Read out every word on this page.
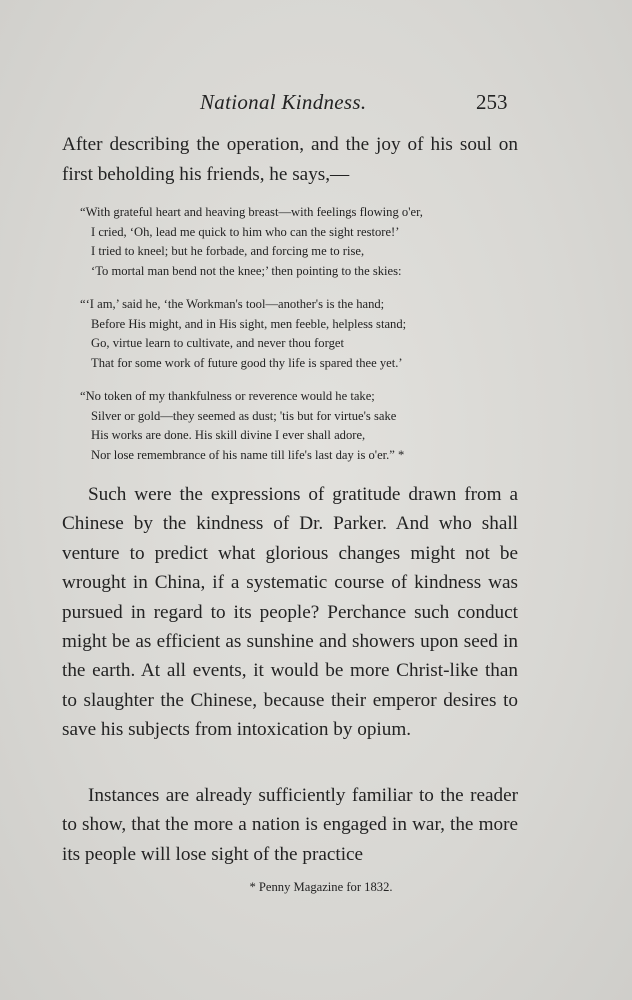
National Kindness.	253

After describing the operation, and the joy of his soul on first beholding his friends, he says,—

“With grateful heart and heaving breast—with feelings flowing o'er,
I cried, ‘Oh, lead me quick to him who can the sight restore!’
I tried to kneel; but he forbade, and forcing me to rise,
‘To mortal man bend not the knee;’ then pointing to the skies:
“‘I am,’ said he, ‘the Workman's tool—another's is the hand;
Before His might, and in His sight, men feeble, helpless stand;
Go, virtue learn to cultivate, and never thou forget
That for some work of future good thy life is spared thee yet.’
“No token of my thankfulness or reverence would he take;
Silver or gold—they seemed as dust; 'tis but for virtue's sake
His works are done. His skill divine I ever shall adore,
Nor lose remembrance of his name till life's last day is o'er.” *

Such were the expressions of gratitude drawn from a Chinese by the kindness of Dr. Parker. And who shall venture to predict what glorious changes might not be wrought in China, if a systematic course of kindness was pursued in regard to its people? Perchance such conduct might be as efficient as sunshine and showers upon seed in the earth. At all events, it would be more Christ-like than to slaughter the Chinese, because their emperor desires to save his subjects from intoxication by opium.

Instances are already sufficiently familiar to the reader to show, that the more a nation is engaged in war, the more its people will lose sight of the practice

* Penny Magazine for 1832.
